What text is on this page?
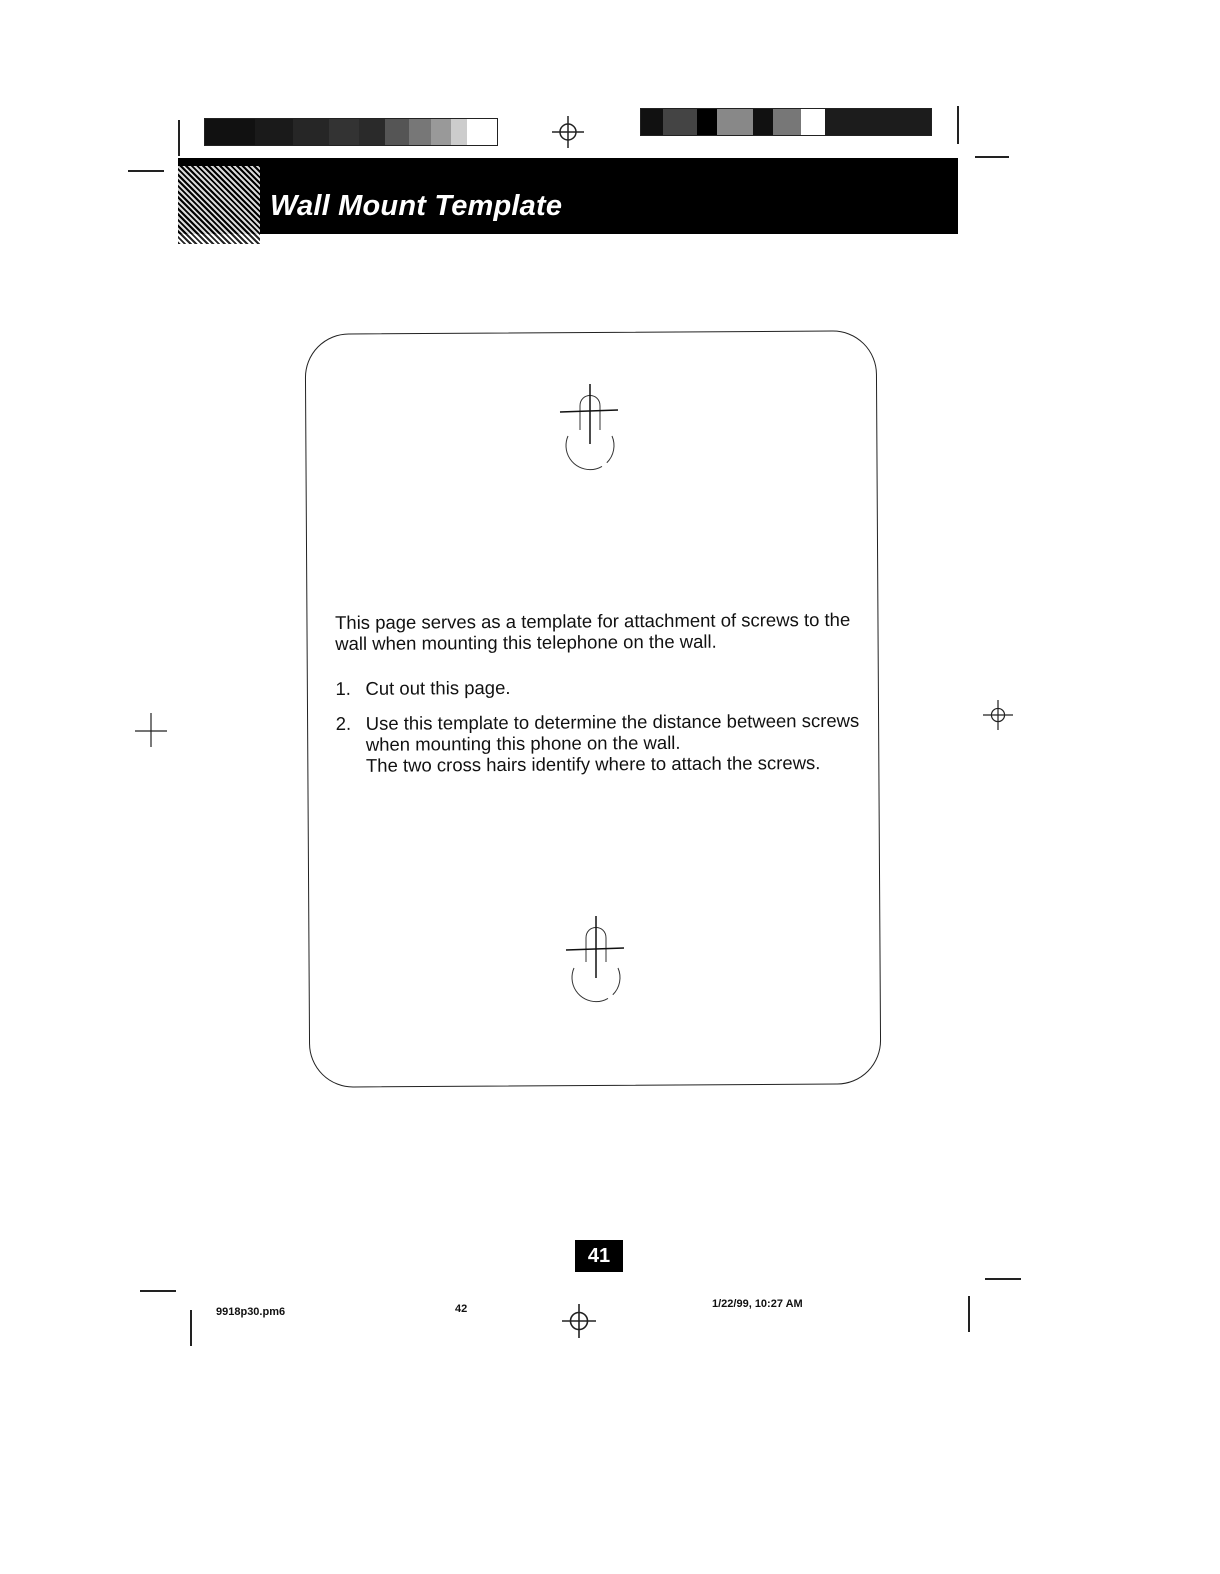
Wall Mount Template

This page serves as a template for attachment of screws to the wall when mounting this telephone on the wall.

1. Cut out this page.
2. Use this template to determine the distance between screws when mounting this phone on the wall.
The two cross hairs identify where to attach the screws.
41
9918p30.pm6	42	1/22/99, 10:27 AM
